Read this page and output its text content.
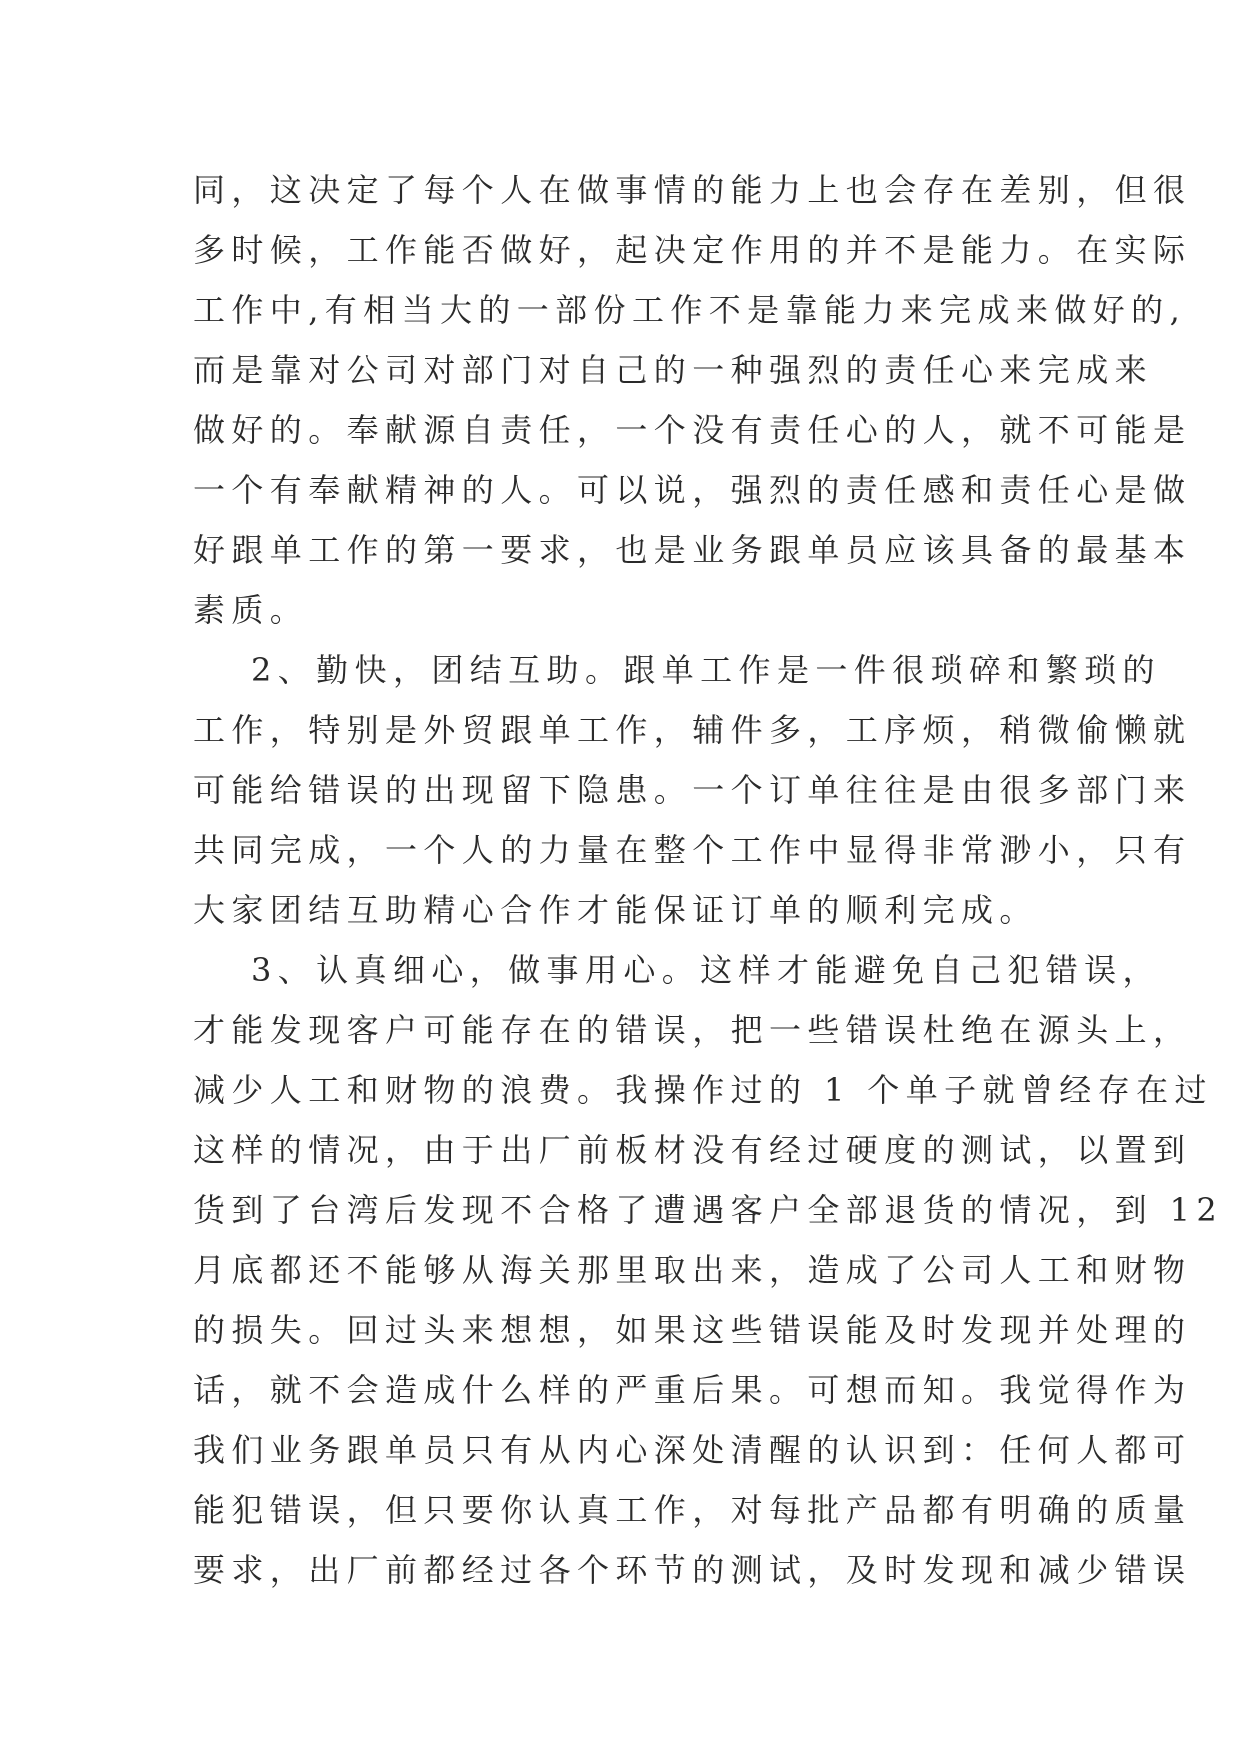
同，这决定了每个人在做事情的能力上也会存在差别，但很
多时候，工作能否做好，起决定作用的并不是能力。在实际
工作中,有相当大的一部份工作不是靠能力来完成来做好的,
而是靠对公司对部门对自己的一种强烈的责任心来完成来
做好的。奉献源自责任，一个没有责任心的人，就不可能是
一个有奉献精神的人。可以说，强烈的责任感和责任心是做
好跟单工作的第一要求，也是业务跟单员应该具备的最基本
素质。
2、勤快，团结互助。跟单工作是一件很琐碎和繁琐的
工作，特别是外贸跟单工作，辅件多，工序烦，稍微偷懒就
可能给错误的出现留下隐患。一个订单往往是由很多部门来
共同完成，一个人的力量在整个工作中显得非常渺小，只有
大家团结互助精心合作才能保证订单的顺利完成。
3、认真细心，做事用心。这样才能避免自己犯错误，
才能发现客户可能存在的错误，把一些错误杜绝在源头上，
减少人工和财物的浪费。我操作过的 1 个单子就曾经存在过
这样的情况，由于出厂前板材没有经过硬度的测试，以置到
货到了台湾后发现不合格了遭遇客户全部退货的情况，到 12
月底都还不能够从海关那里取出来，造成了公司人工和财物
的损失。回过头来想想，如果这些错误能及时发现并处理的
话，就不会造成什么样的严重后果。可想而知。我觉得作为
我们业务跟单员只有从内心深处清醒的认识到：任何人都可
能犯错误，但只要你认真工作，对每批产品都有明确的质量
要求，出厂前都经过各个环节的测试，及时发现和减少错误
